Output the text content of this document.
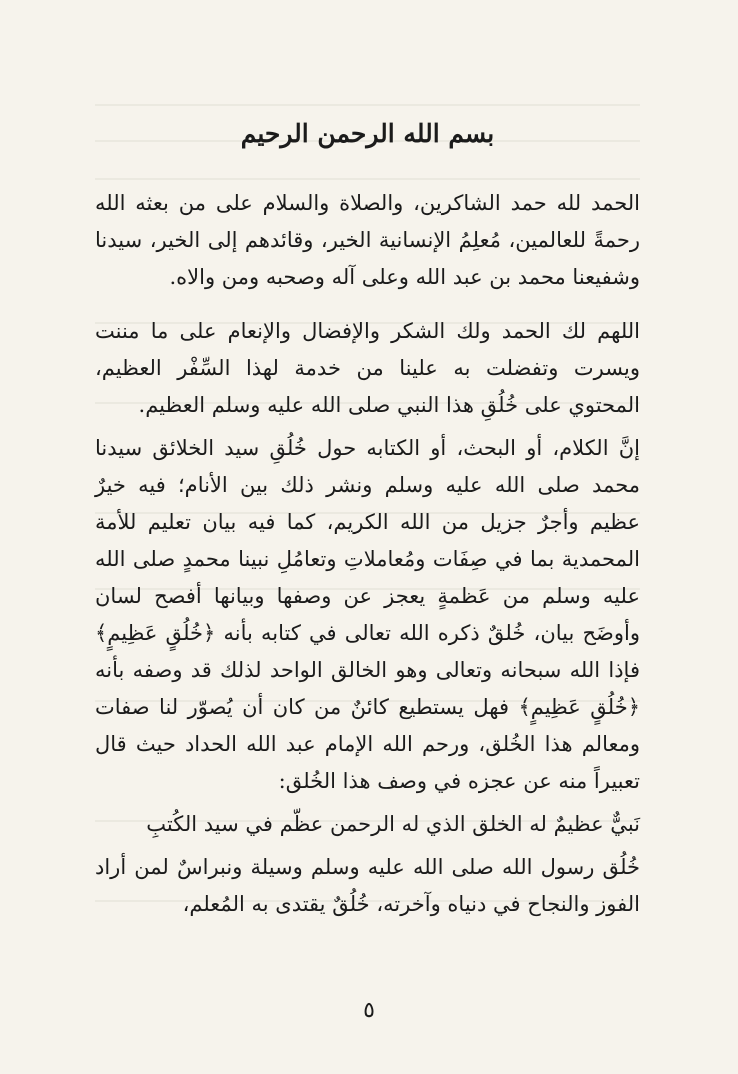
بسم الله الرحمن الرحيم

الحمد لله حمد الشاكرين، والصلاة والسلام على من بعثه الله رحمةً للعالمين، مُعلِمُ الإنسانية الخير، وقائدهم إلى الخير، سيدنا وشفيعنا محمد بن عبد الله وعلى آله وصحبه ومن والاه.

اللهم لك الحمد ولك الشكر والإفضال والإنعام على ما مننت ويسرت وتفضلت به علينا من خدمة لهذا السِّفْر العظيم، المحتوي على خُلُقِ هذا النبي صلى الله عليه وسلم العظيم.

إنَّ الكلام، أو البحث، أو الكتابه حول خُلُقِ سيد الخلائق سيدنا محمد صلى الله عليه وسلم ونشر ذلك بين الأنام؛ فيه خيرٌ عظيم وأجرٌ جزيل من الله الكريم، كما فيه بيان تعليم للأمة المحمدية بما في صِفَات ومُعاملاتِ وتعامُلِ نبينا محمدٍ صلى الله عليه وسلم من عَظمةٍ يعجز عن وصفها وبيانها أفصح لسان وأوضَح بيان، خُلقٌ ذكره الله تعالى في كتابه بأنه ﴿خُلُقٍ عَظِيمٍ﴾ فإذا الله سبحانه وتعالى وهو الخالق الواحد لذلك قد وصفه بأنه ﴿خُلُقٍ عَظِيمٍ﴾ فهل يستطيع كائنٌ من كان أن يُصوّر لنا صفات ومعالم هذا الخُلق، ورحم الله الإمام عبد الله الحداد حيث قال تعبيراً منه عن عجزه في وصف هذا الخُلق:

نَبيٌّ عظيمٌ له الخلق الذي له الرحمن عظّم في سيد الكُتبِ

خُلُق رسول الله صلى الله عليه وسلم وسيلة ونبراسٌ لمن أراد الفوز والنجاح في دنياه وآخرته، خُلُقٌ يقتدى به المُعلم،

٥
